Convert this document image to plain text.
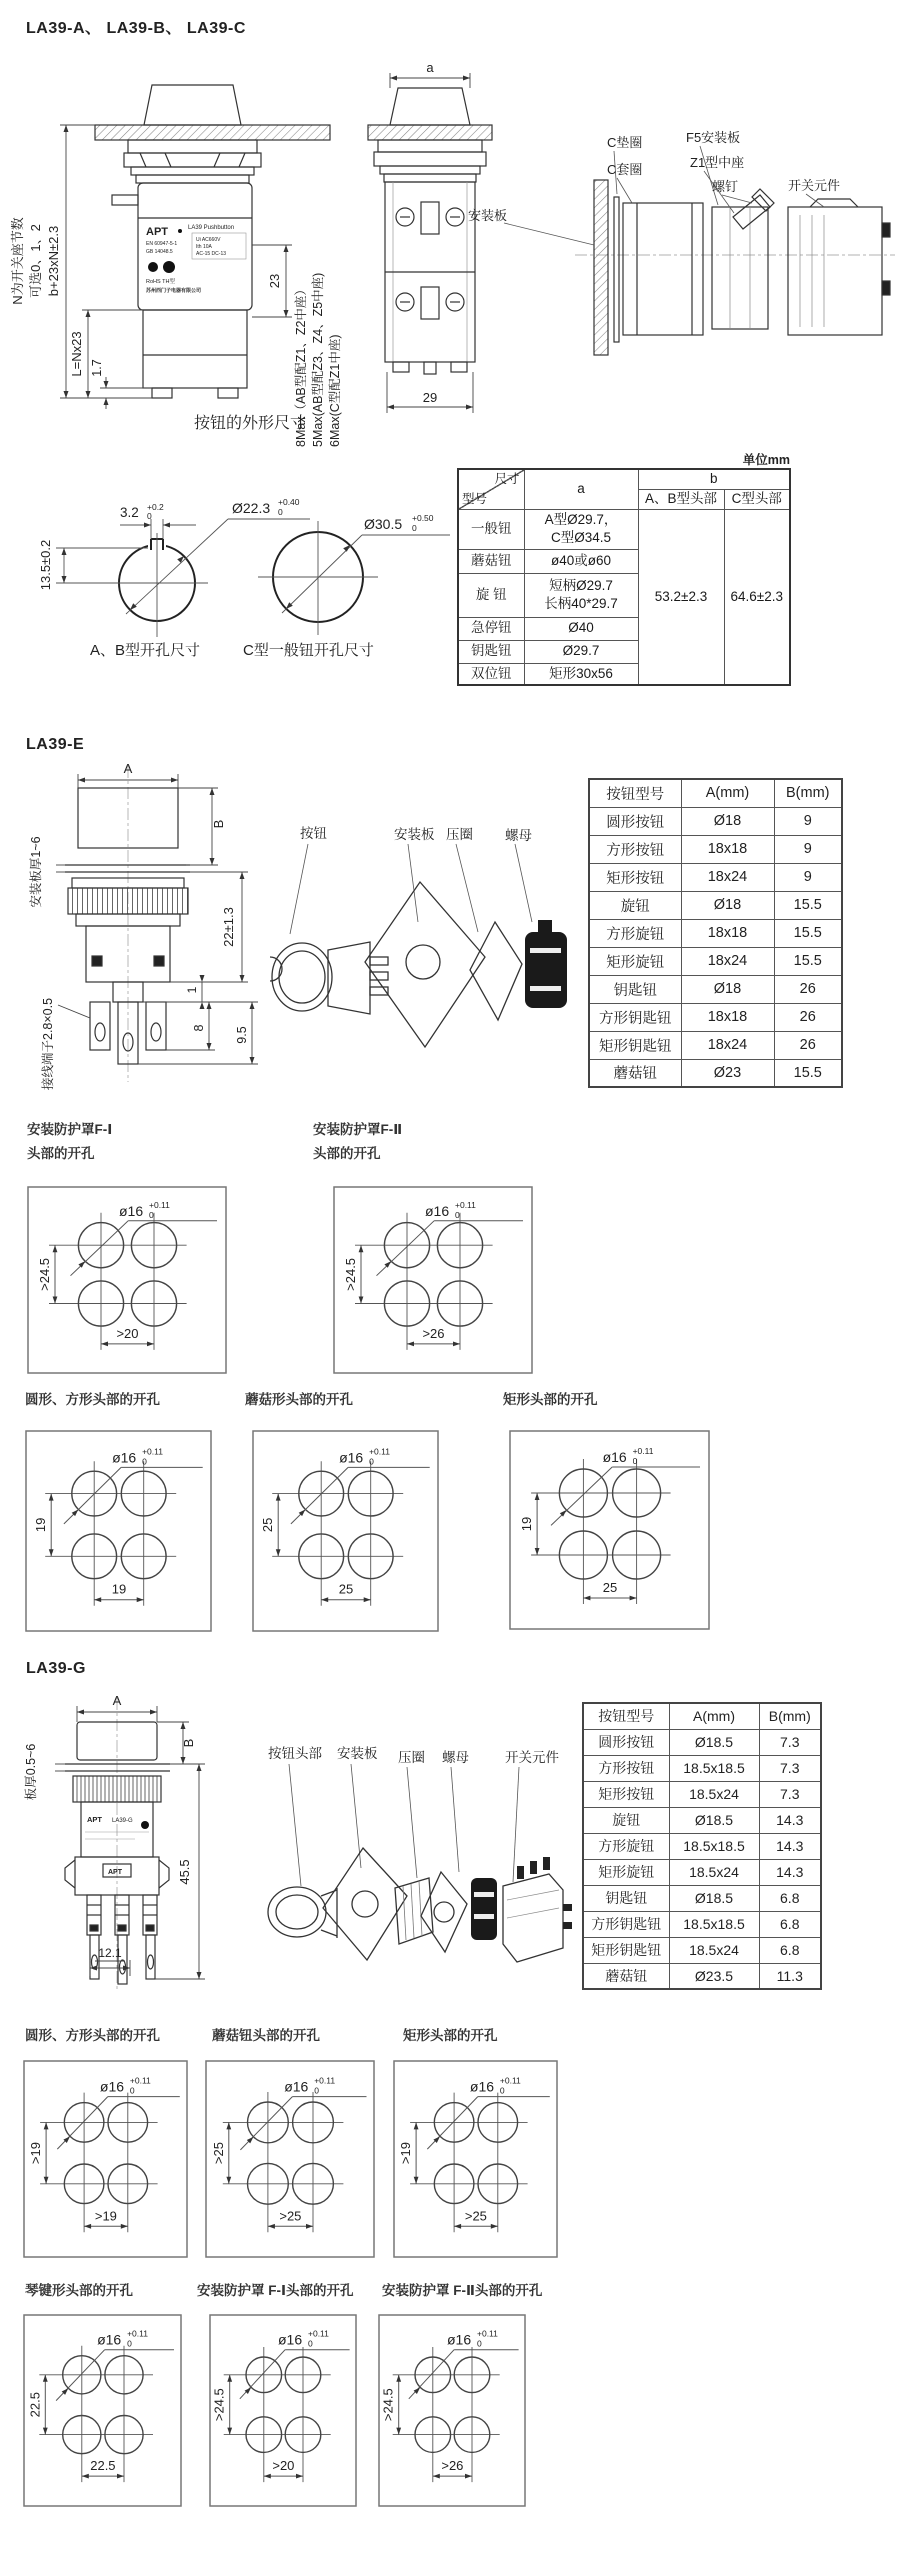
LA39-A、 LA39-B、 LA39-C
APT	LA39 Pushbutton
EN 60947-5-1
GB 14048.5
Ui AC660V
Ith 10A
AC-15 DC-13
RoHS TH型
苏州西门子电器有限公司
N为开关座节数 可选0、1、2 b+23xN±2.3
L=Nx23 1.7
23
8Max（AB型配Z1、Z2中座） 5Max(AB型配Z3、Z4、Z5中座) 6Max(C型配Z1中座)
按钮的外形尺寸
a
29
安装板
C垫圈
C套圈
F5安装板
Z1型中座
螺钉	开关元件
3.2 +0.2
0
13.5±0.2
Ø22.3 +0.40
0
A、B型开孔尺寸
Ø30.5 +0.50
0
C型一般钮开孔尺寸
单位mm
尺寸
型号	a	b	
		A、B型头部	C型头部
一般钮	A型Ø29.7，
C型Ø34.5	53.2±2.3	64.6±2.3
蘑菇钮	ø40或ø60		
旋 钮	短柄Ø29.7
长柄40*29.7		

急停钮	Ø40		
钥匙钮	Ø29.7		
双位钮	矩形30x56		
LA39-E
A
B
22±1.3
1
8 9.5
安装板厚1~6
接线端子2.8×0.5
按钮	安装板 压圈 螺母
按钮型号	A(mm)	B(mm)
圆形按钮	Ø18	9
方形按钮	18x18	9
矩形按钮	18x24	9
旋钮	Ø18	15.5
方形旋钮	18x18	15.5
矩形旋钮	18x24	15.5
钥匙钮	Ø18	26
方形钥匙钮	18x18	26
矩形钥匙钮	18x24	26
蘑菇钮	Ø23	15.5
安装防护罩F-Ⅰ
头部的开孔
安装防护罩F-Ⅱ
头部的开孔
>24.5
>20
ø16 +0.11
0
>24.5
>26
ø16 +0.11
0
圆形、方形头部的开孔	蘑菇形头部的开孔	矩形头部的开孔
19
19
ø16 +0.11
0
25
25
ø16 +0.11
0
19
25
ø16 +0.11
0
LA39-G
A
B
45.5
12.1
板厚0.5~6
APT LA39-G
APT
按钮头部 安装板 压圈 螺母	开关元件
按钮型号	A(mm)	B(mm)
圆形按钮	Ø18.5	7.3
方形按钮	18.5x18.5	7.3
矩形按钮	18.5x24	7.3
旋钮	Ø18.5	14.3
方形旋钮	18.5x18.5	14.3
矩形旋钮	18.5x24	14.3
钥匙钮	Ø18.5	6.8
方形钥匙钮	18.5x18.5	6.8
矩形钥匙钮	18.5x24	6.8
蘑菇钮	Ø23.5	11.3
圆形、方形头部的开孔	蘑菇钮头部的开孔	矩形头部的开孔
>19
>19
ø16 +0.11
0
>25
>25
ø16 +0.11
0
>19
>25
ø16 +0.11
0
琴键形头部的开孔	安装防护罩 F-Ⅰ头部的开孔 安装防护罩 F-Ⅱ头部的开孔
22.5
22.5
ø16 +0.11
0
>24.5
>20
ø16 +0.11
0
>24.5
>26
ø16 +0.11
0
